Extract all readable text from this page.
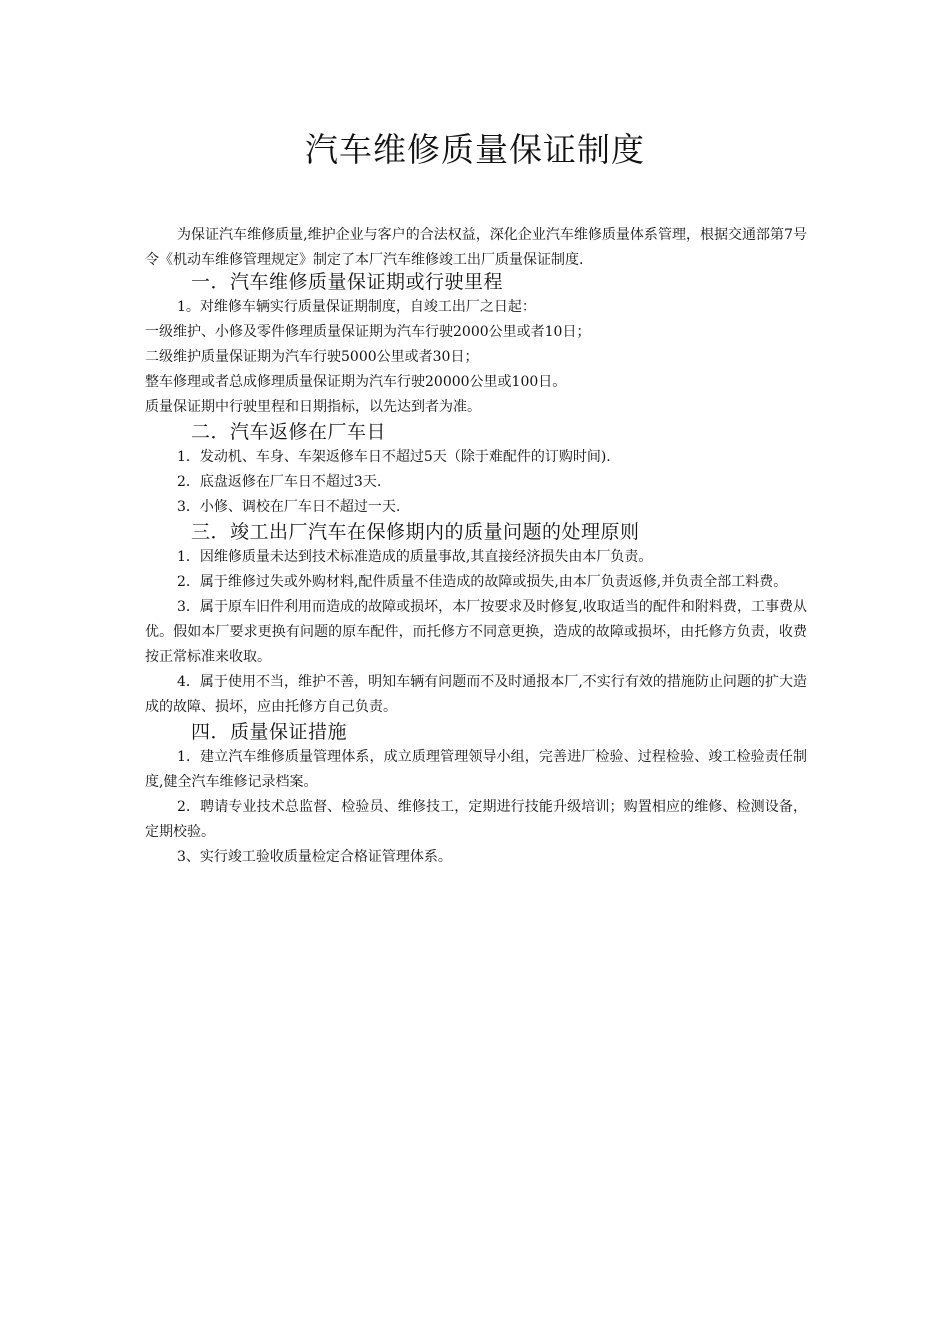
汽车维修质量保证制度

为保证汽车维修质量,维护企业与客户的合法权益，深化企业汽车维修质量体系管理，根据交通部第7号令《机动车维修管理规定》制定了本厂汽车维修竣工出厂质量保证制度.

一．汽车维修质量保证期或行驶里程

1。对维修车辆实行质量保证期制度，自竣工出厂之日起：

一级维护、小修及零件修理质量保证期为汽车行驶2000公里或者10日；

二级维护质量保证期为汽车行驶5000公里或者30日；

整车修理或者总成修理质量保证期为汽车行驶20000公里或100日。

质量保证期中行驶里程和日期指标，以先达到者为准。

二．汽车返修在厂车日

1．发动机、车身、车架返修车日不超过5天（除于难配件的订购时间).

2．底盘返修在厂车日不超过3天.

3．小修、调校在厂车日不超过一天.

三．竣工出厂汽车在保修期内的质量问题的处理原则

1．因维修质量未达到技术标准造成的质量事故,其直接经济损失由本厂负责。

2．属于维修过失或外购材料,配件质量不佳造成的故障或损失,由本厂负责返修,并负责全部工料费。

3．属于原车旧件利用而造成的故障或损坏，本厂按要求及时修复,收取适当的配件和附料费，工事费从优。假如本厂要求更换有问题的原车配件，而托修方不同意更换，造成的故障或损坏，由托修方负责，收费按正常标准来收取。

4．属于使用不当，维护不善，明知车辆有问题而不及时通报本厂,不实行有效的措施防止问题的扩大造成的故障、损坏，应由托修方自己负责。

四．质量保证措施

1．建立汽车维修质量管理体系，成立质理管理领导小组，完善进厂检验、过程检验、竣工检验责任制度,健全汽车维修记录档案。

2．聘请专业技术总监督、检验员、维修技工，定期进行技能升级培训；购置相应的维修、检测设备，定期校验。

3、实行竣工验收质量检定合格证管理体系。
